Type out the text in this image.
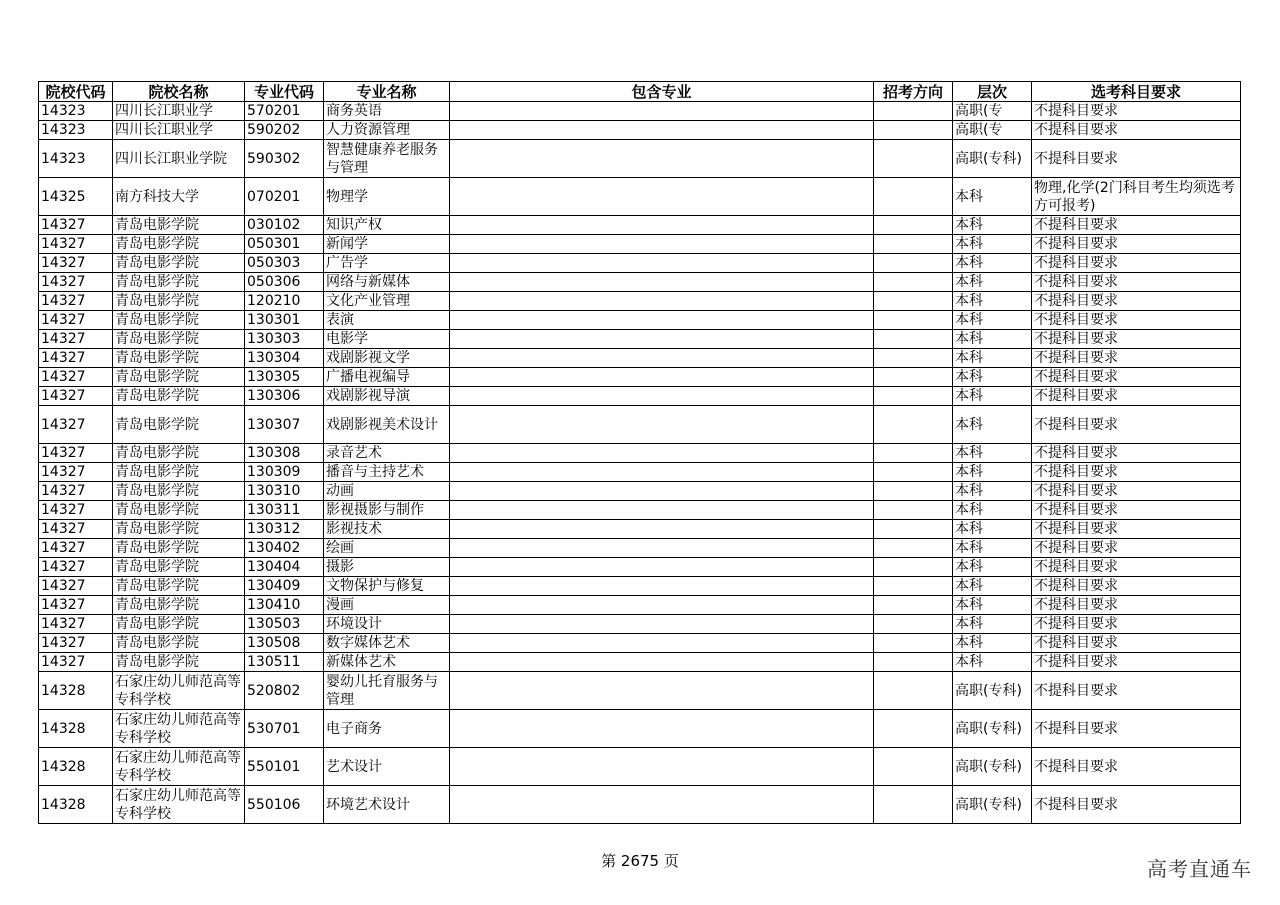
院校代码	院校名称	专业代码	专业名称	包含专业	招考方向	层次	选考科目要求
14323	四川长江职业学	570201	商务英语			高职(专	不提科目要求
14323	四川长江职业学	590202	人力资源管理			高职(专	不提科目要求
14323	四川长江职业学院	590302	智慧健康养老服务与管理			高职(专科)	不提科目要求
14325	南方科技大学	070201	物理学			本科	物理,化学(2门科目考生均须选考方可报考)
14327	青岛电影学院	030102	知识产权			本科	不提科目要求
14327	青岛电影学院	050301	新闻学			本科	不提科目要求
14327	青岛电影学院	050303	广告学			本科	不提科目要求
14327	青岛电影学院	050306	网络与新媒体			本科	不提科目要求
14327	青岛电影学院	120210	文化产业管理			本科	不提科目要求
14327	青岛电影学院	130301	表演			本科	不提科目要求
14327	青岛电影学院	130303	电影学			本科	不提科目要求
14327	青岛电影学院	130304	戏剧影视文学			本科	不提科目要求
14327	青岛电影学院	130305	广播电视编导			本科	不提科目要求
14327	青岛电影学院	130306	戏剧影视导演			本科	不提科目要求
14327	青岛电影学院	130307	戏剧影视美术设计			本科	不提科目要求
14327	青岛电影学院	130308	录音艺术			本科	不提科目要求
14327	青岛电影学院	130309	播音与主持艺术			本科	不提科目要求
14327	青岛电影学院	130310	动画			本科	不提科目要求
14327	青岛电影学院	130311	影视摄影与制作			本科	不提科目要求
14327	青岛电影学院	130312	影视技术			本科	不提科目要求
14327	青岛电影学院	130402	绘画			本科	不提科目要求
14327	青岛电影学院	130404	摄影			本科	不提科目要求
14327	青岛电影学院	130409	文物保护与修复			本科	不提科目要求
14327	青岛电影学院	130410	漫画			本科	不提科目要求
14327	青岛电影学院	130503	环境设计			本科	不提科目要求
14327	青岛电影学院	130508	数字媒体艺术			本科	不提科目要求
14327	青岛电影学院	130511	新媒体艺术			本科	不提科目要求
14328	石家庄幼儿师范高等专科学校	520802	婴幼儿托育服务与管理			高职(专科)	不提科目要求
14328	石家庄幼儿师范高等专科学校	530701	电子商务			高职(专科)	不提科目要求
14328	石家庄幼儿师范高等专科学校	550101	艺术设计			高职(专科)	不提科目要求
14328	石家庄幼儿师范高等专科学校	550106	环境艺术设计			高职(专科)	不提科目要求
第 2675 页	高考直通车
